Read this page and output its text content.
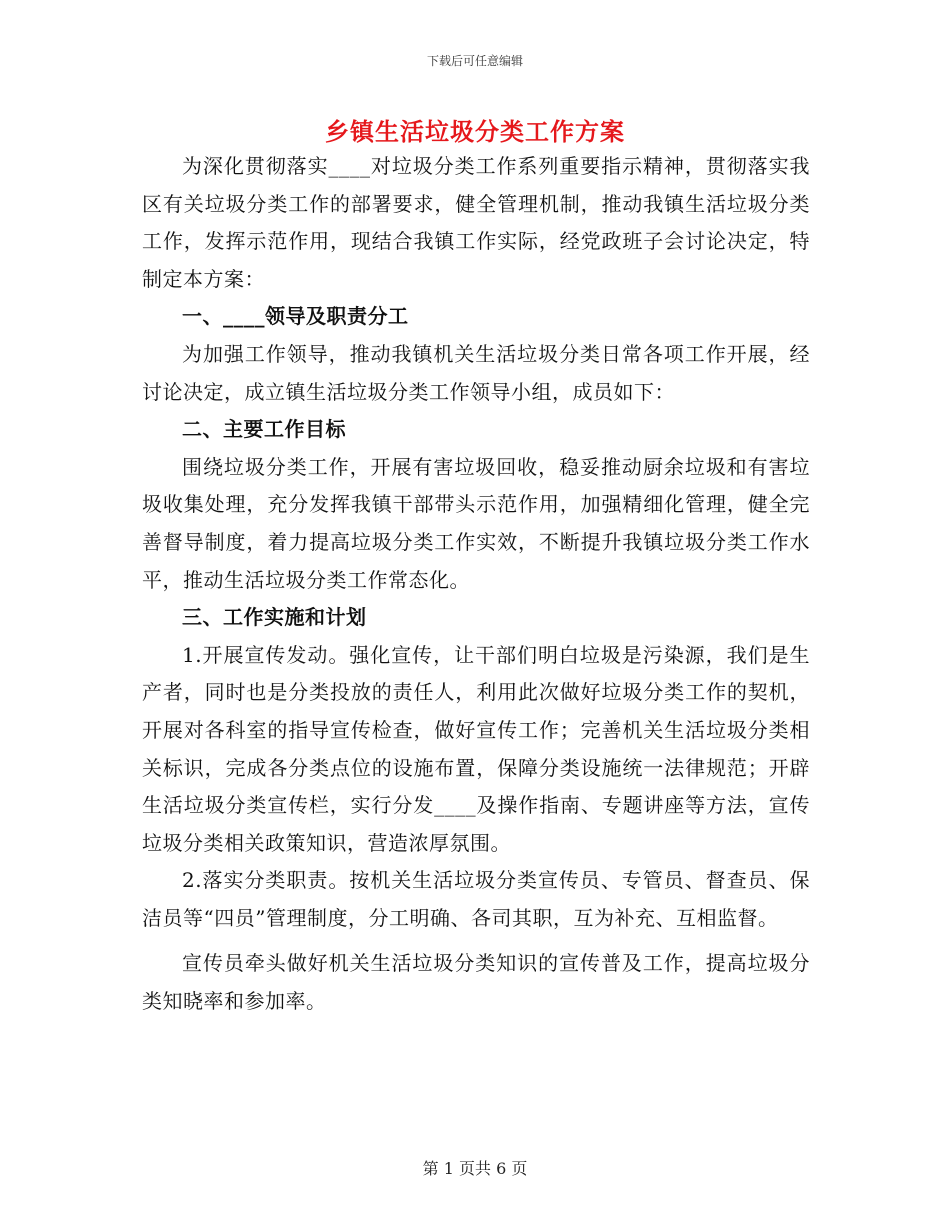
下载后可任意编辑
乡镇生活垃圾分类工作方案

为深化贯彻落实____对垃圾分类工作系列重要指示精神，贯彻落实我区有关垃圾分类工作的部署要求，健全管理机制，推动我镇生活垃圾分类工作，发挥示范作用，现结合我镇工作实际，经党政班子会讨论决定，特制定本方案：

一、____领导及职责分工

为加强工作领导，推动我镇机关生活垃圾分类日常各项工作开展，经讨论决定，成立镇生活垃圾分类工作领导小组，成员如下：

二、主要工作目标

围绕垃圾分类工作，开展有害垃圾回收，稳妥推动厨余垃圾和有害垃圾收集处理，充分发挥我镇干部带头示范作用，加强精细化管理，健全完善督导制度，着力提高垃圾分类工作实效，不断提升我镇垃圾分类工作水平，推动生活垃圾分类工作常态化。

三、工作实施和计划

1.开展宣传发动。强化宣传，让干部们明白垃圾是污染源，我们是生产者，同时也是分类投放的责任人，利用此次做好垃圾分类工作的契机，开展对各科室的指导宣传检查，做好宣传工作；完善机关生活垃圾分类相关标识，完成各分类点位的设施布置，保障分类设施统一法律规范；开辟生活垃圾分类宣传栏，实行分发____及操作指南、专题讲座等方法，宣传垃圾分类相关政策知识，营造浓厚氛围。

2.落实分类职责。按机关生活垃圾分类宣传员、专管员、督查员、保洁员等“四员”管理制度，分工明确、各司其职，互为补充、互相监督。

宣传员牵头做好机关生活垃圾分类知识的宣传普及工作，提高垃圾分类知晓率和参加率。

第 1 页共 6 页
